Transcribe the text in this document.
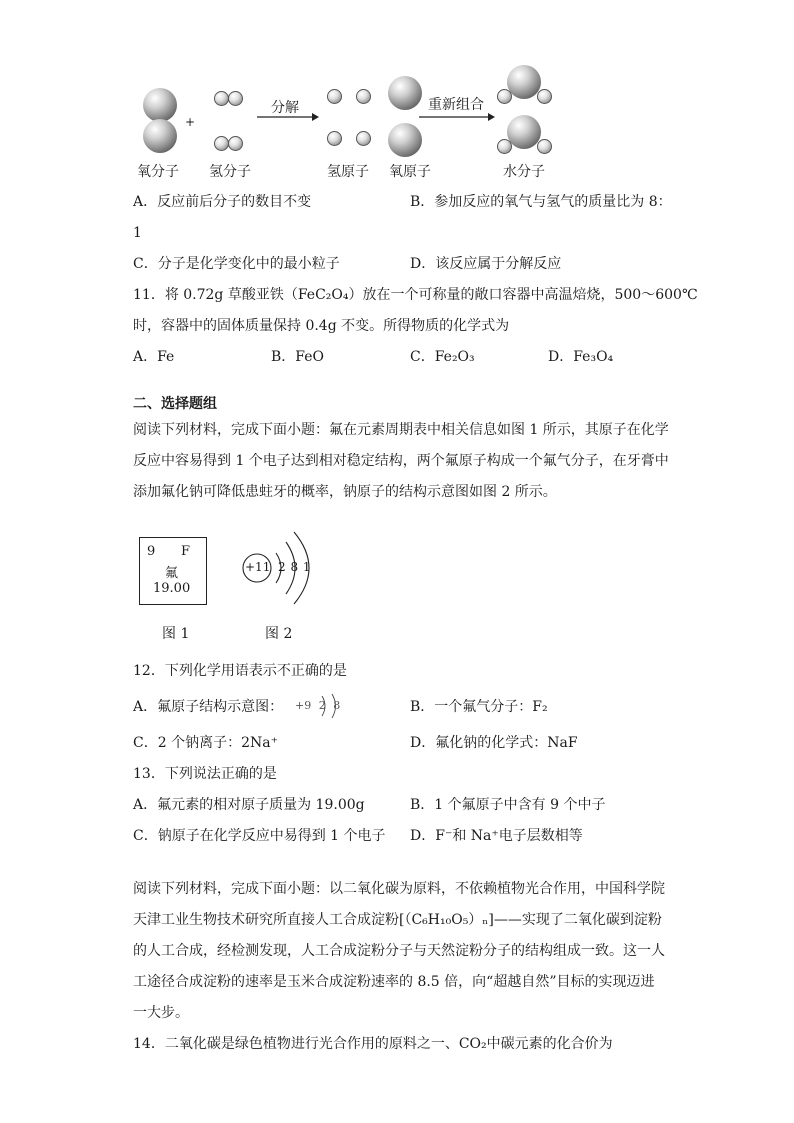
+
分解	重新组合
氧分子 氢分子	氢原子 氧原子	水分子
A．反应前后分子的数目不变	B．参加反应的氧气与氢气的质量比为 8：
1
C．分子是化学变化中的最小粒子	D．该反应属于分解反应
11．将 0.72g 草酸亚铁（FeC₂O₄）放在一个可称量的敞口容器中高温焙烧，500～600℃
时，容器中的固体质量保持 0.4g 不变。所得物质的化学式为
A．Fe	B．FeO	C．Fe₂O₃	D．Fe₃O₄
二、选择题组
阅读下列材料，完成下面小题：氟在元素周期表中相关信息如图 1 所示，其原子在化学
反应中容易得到 1 个电子达到相对稳定结构，两个氟原子构成一个氟气分子，在牙膏中
添加氟化钠可降低患蛀牙的概率，钠原子的结构示意图如图 2 所示。
9 F
氟
19.00
图 1
+11 2 8 1
图 2
12．下列化学用语表示不正确的是
A．氟原子结构示意图： +9 2 8	B．一个氟气分子：F₂
C．2 个钠离子：2Na⁺	D．氟化钠的化学式：NaF
13．下列说法正确的是
A．氟元素的相对原子质量为 19.00g	B．1 个氟原子中含有 9 个中子
C．钠原子在化学反应中易得到 1 个电子 D．F⁻和 Na⁺电子层数相等
阅读下列材料，完成下面小题：以二氧化碳为原料，不依赖植物光合作用，中国科学院
天津工业生物技术研究所直接人工合成淀粉[（C₆H₁₀O₅）ₙ]——实现了二氧化碳到淀粉
的人工合成，经检测发现，人工合成淀粉分子与天然淀粉分子的结构组成一致。这一人
工途径合成淀粉的速率是玉米合成淀粉速率的 8.5 倍，向“超越自然”目标的实现迈进
一大步。
14．二氧化碳是绿色植物进行光合作用的原料之一、CO₂中碳元素的化合价为
